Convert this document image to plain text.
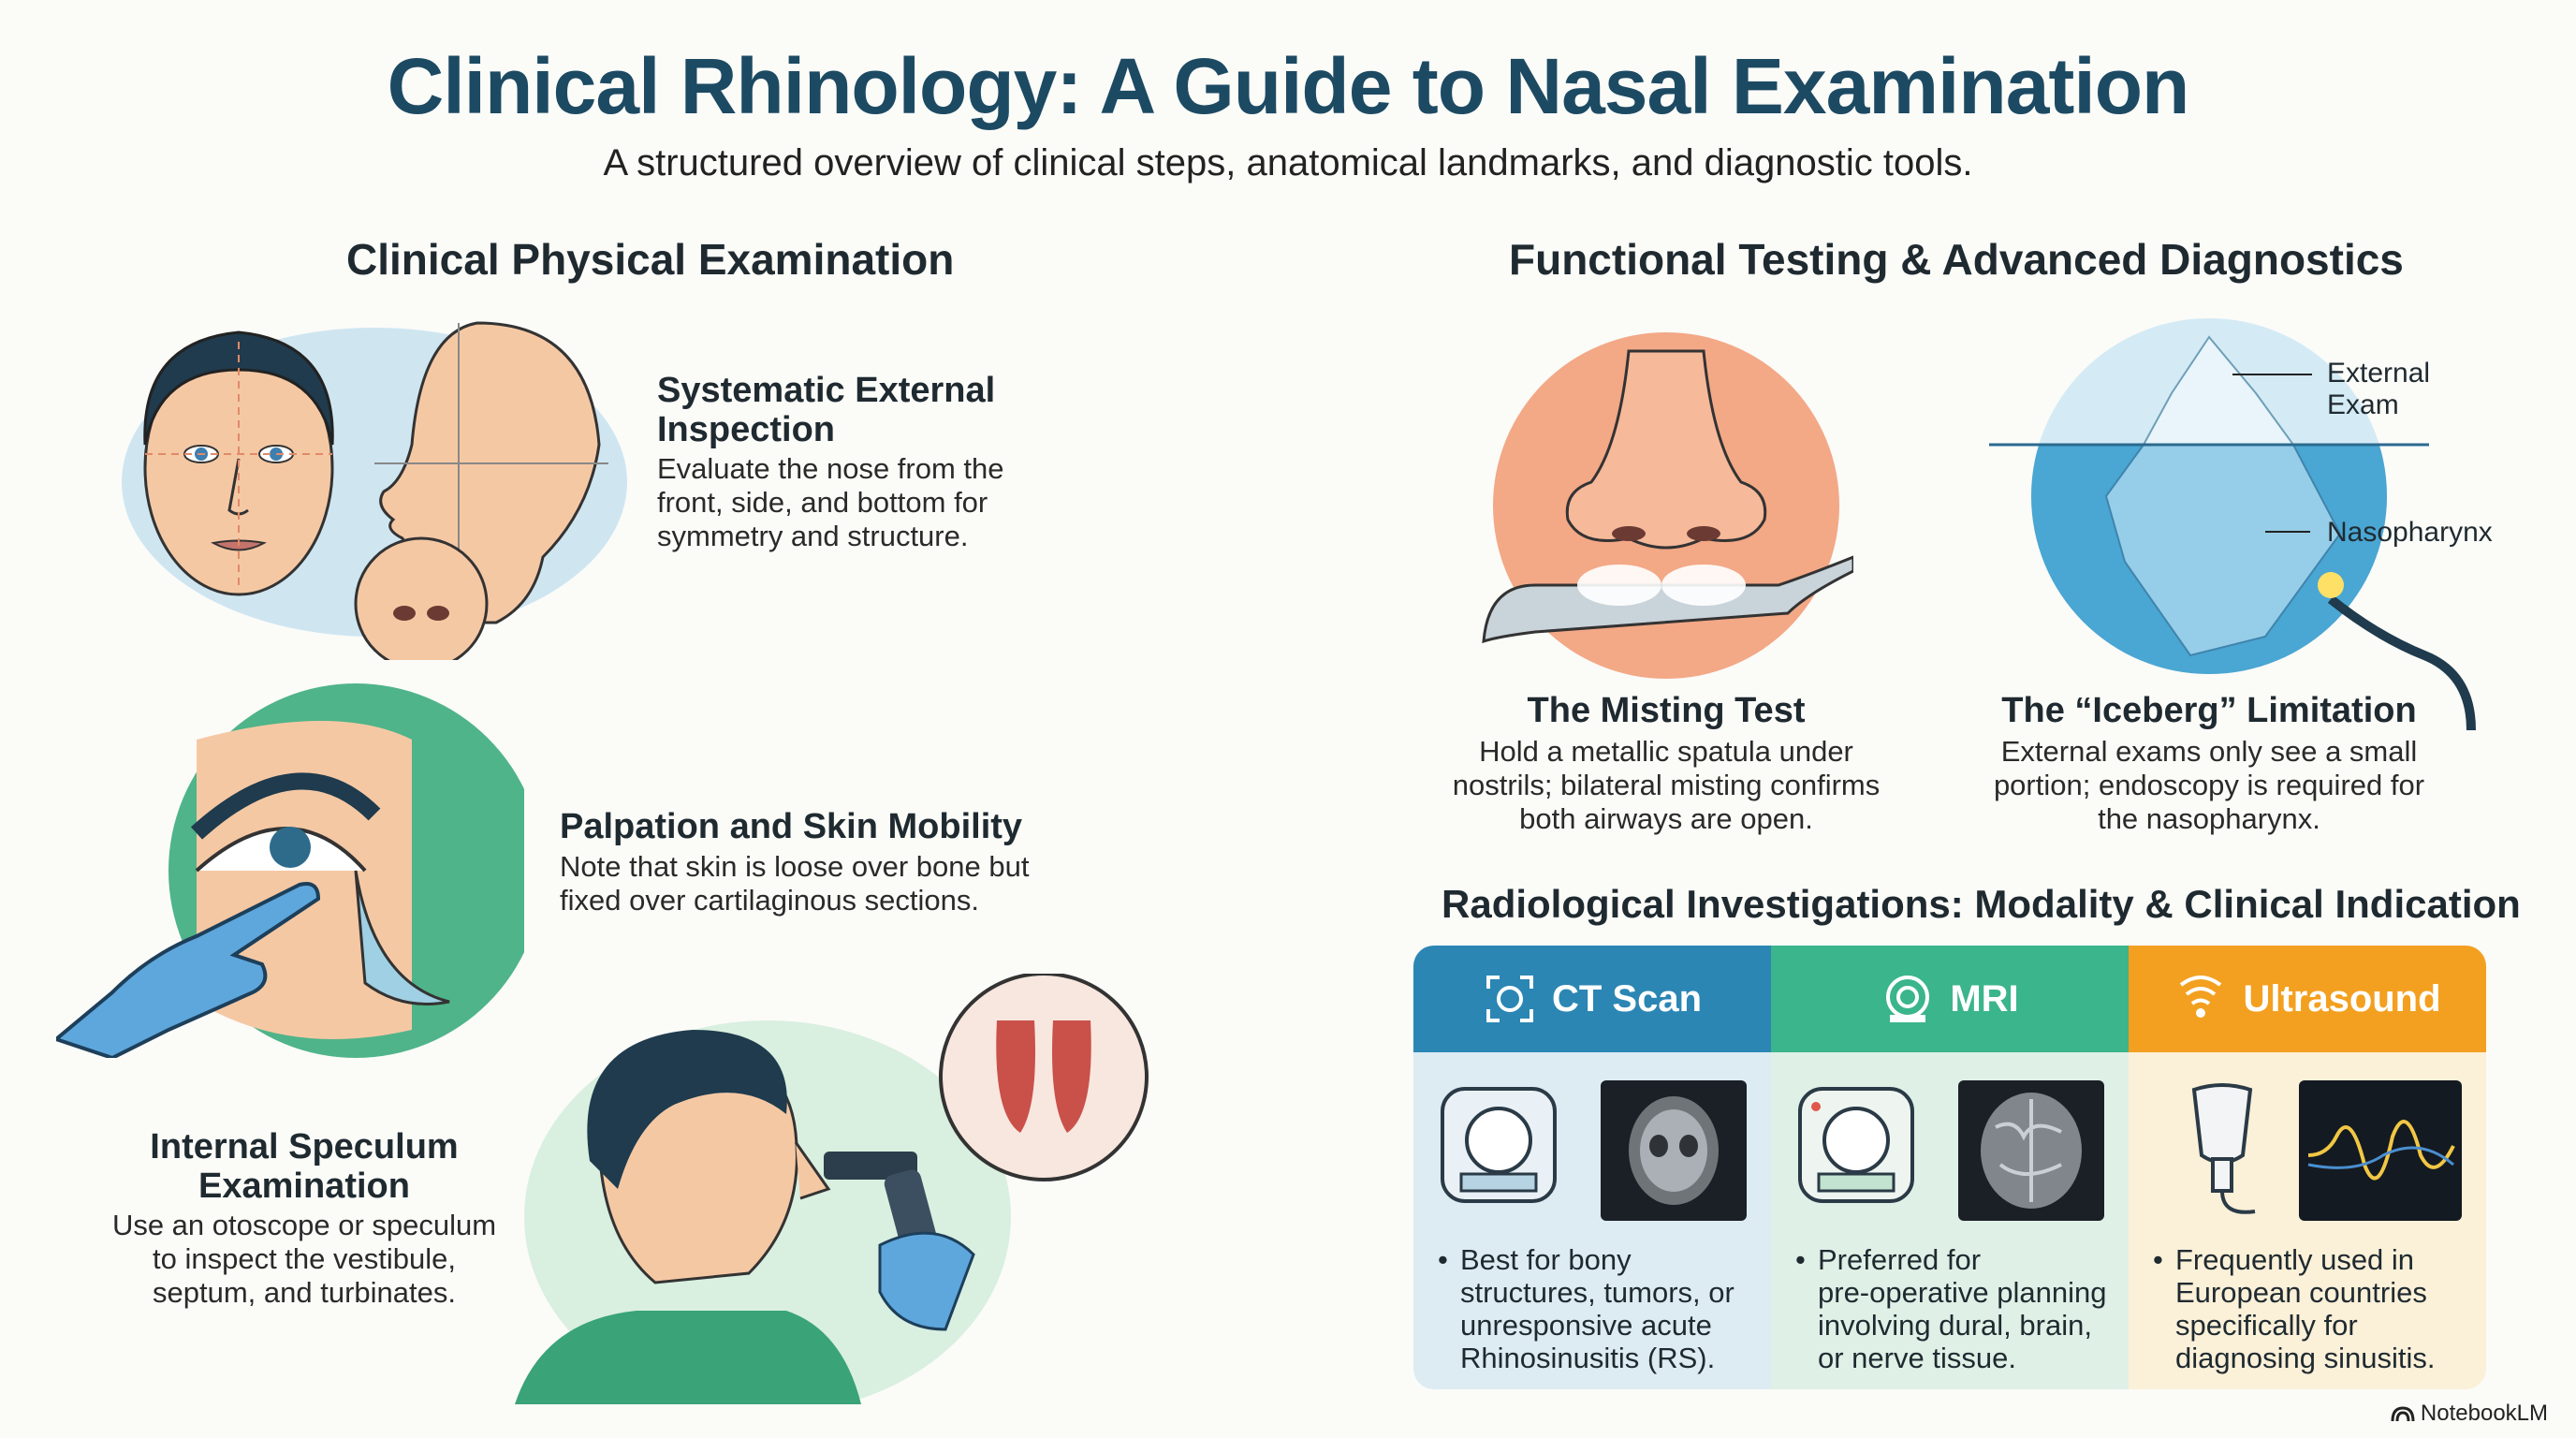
Clinical Rhinology: A Guide to Nasal Examination
A structured overview of clinical steps, anatomical landmarks, and diagnostic tools.
Clinical Physical Examination
Systematic External
Inspection
Evaluate the nose from the
front, side, and bottom for
symmetry and structure.
Palpation and Skin Mobility
Note that skin is loose over bone but
fixed over cartilaginous sections.
Internal Speculum
Examination
Use an otoscope or speculum
to inspect the vestibule,
septum, and turbinates.
Functional Testing & Advanced Diagnostics
The Misting Test
Hold a metallic spatula under
nostrils; bilateral misting confirms
both airways are open.
External
Exam
Nasopharynx
The “Iceberg” Limitation
External exams only see a small
portion; endoscopy is required for
the nasopharynx.
Radiological Investigations: Modality & Clinical Indication
CT Scan
• Best for bony
structures, tumors, or
unresponsive acute
Rhinosinusitis (RS).
MRI
• Preferred for
pre-operative planning
involving dural, brain,
or nerve tissue.
Ultrasound
• Frequently used in
European countries
specifically for
diagnosing sinusitis.
NotebookLM
